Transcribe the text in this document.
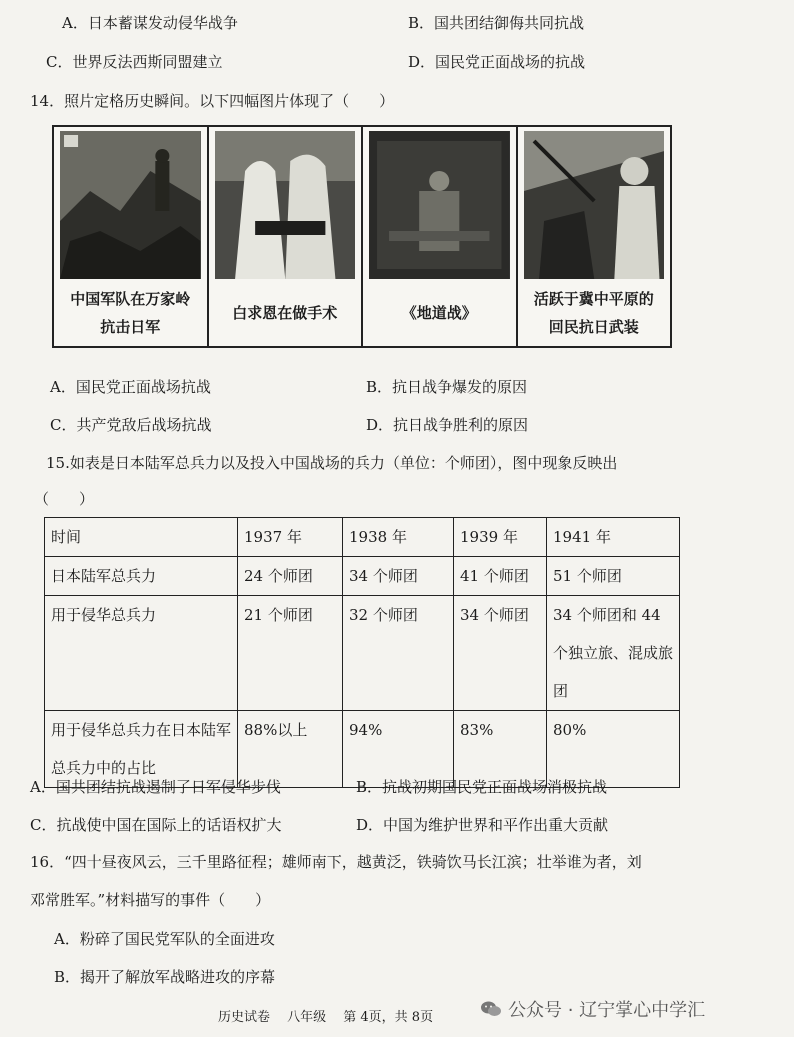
A．日本蓄谋发动侵华战争	B．国共团结御侮共同抗战
C．世界反法西斯同盟建立	D．国民党正面战场的抗战
14．照片定格历史瞬间。以下四幅图片体现了（　　）
中国军队在万家岭
抗击日军
白求恩在做手术	《地道战》
活跃于冀中平原的
回民抗日武装
A．国民党正面战场抗战	B．抗日战争爆发的原因
C．共产党敌后战场抗战	D．抗日战争胜利的原因
15.如表是日本陆军总兵力以及投入中国战场的兵力（单位：个师团），图中现象反映出
（　　）
时间	1937 年	1938 年	1939 年	1941 年
日本陆军总兵力	24 个师团	34 个师团	41 个师团	51 个师团
用于侵华总兵力	21 个师团	32 个师团	34 个师团	34 个师团和 44 个独立旅、混成旅团
用于侵华总兵力在日本陆军总兵力中的占比	88%以上	94%	83%	80%
A．国共团结抗战遏制了日军侵华步伐	B．抗战初期国民党正面战场消极抗战
C．抗战使中国在国际上的话语权扩大	D．中国为维护世界和平作出重大贡献
16．“四十昼夜风云，三千里路征程；雄师南下，越黄泛，铁骑饮马长江滨；壮举谁为者，刘
邓常胜军。”材料描写的事件（　　）
A．粉碎了国民党军队的全面进攻
B．揭开了解放军战略进攻的序幕
历史试卷　 八年级　 第 4页，共 8页	公众号 · 辽宁掌心中学汇
